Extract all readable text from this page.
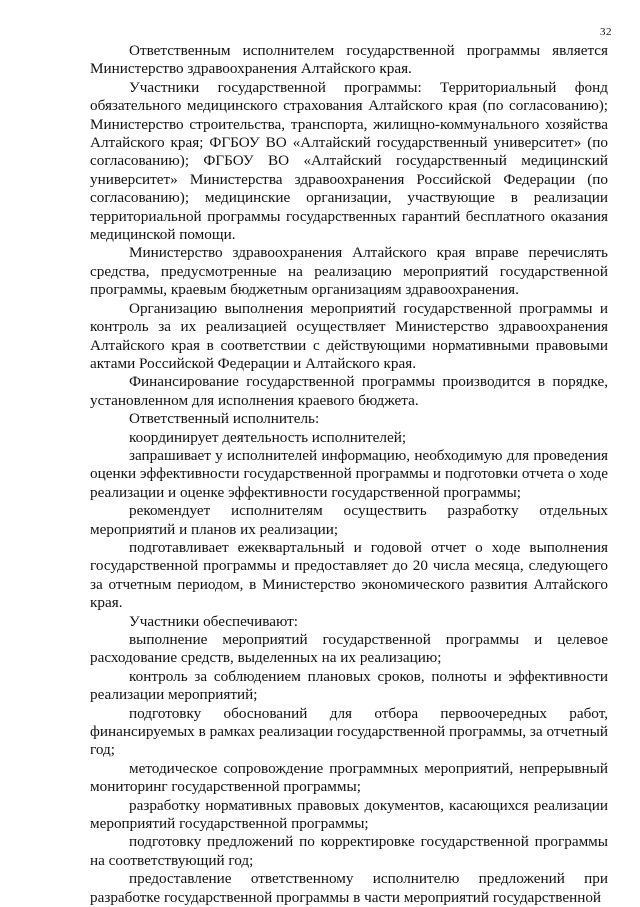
32

Ответственным исполнителем государственной программы является Министерство здравоохранения Алтайского края.

Участники государственной программы: Территориальный фонд обязательного медицинского страхования Алтайского края (по согласованию); Министерство строительства, транспорта, жилищно-коммунального хозяйства Алтайского края; ФГБОУ ВО «Алтайский государственный университет» (по согласованию); ФГБОУ ВО «Алтайский государственный медицинский университет» Министерства здравоохранения Российской Федерации (по согласованию); медицинские организации, участвующие в реализации территориальной программы государственных гарантий бесплатного оказания медицинской помощи.

Министерство здравоохранения Алтайского края вправе перечислять средства, предусмотренные на реализацию мероприятий государственной программы, краевым бюджетным организациям здравоохранения.

Организацию выполнения мероприятий государственной программы и контроль за их реализацией осуществляет Министерство здравоохранения Алтайского края в соответствии с действующими нормативными правовыми актами Российской Федерации и Алтайского края.

Финансирование государственной программы производится в порядке, установленном для исполнения краевого бюджета.

Ответственный исполнитель:

координирует деятельность исполнителей;

запрашивает у исполнителей информацию, необходимую для проведения оценки эффективности государственной программы и подготовки отчета о ходе реализации и оценке эффективности государственной программы;

рекомендует исполнителям осуществить разработку отдельных мероприятий и планов их реализации;

подготавливает ежеквартальный и годовой отчет о ходе выполнения государственной программы и предоставляет до 20 числа месяца, следующего за отчетным периодом, в Министерство экономического развития Алтайского края.

Участники обеспечивают:

выполнение мероприятий государственной программы и целевое расходование средств, выделенных на их реализацию;

контроль за соблюдением плановых сроков, полноты и эффективности реализации мероприятий;

подготовку обоснований для отбора первоочередных работ, финансируемых в рамках реализации государственной программы, за отчетный год;

методическое сопровождение программных мероприятий, непрерывный мониторинг государственной программы;

разработку нормативных правовых документов, касающихся реализации мероприятий государственной программы;

подготовку предложений по корректировке государственной программы на соответствующий год;

предоставление ответственному исполнителю предложений при разработке государственной программы в части мероприятий государственной
